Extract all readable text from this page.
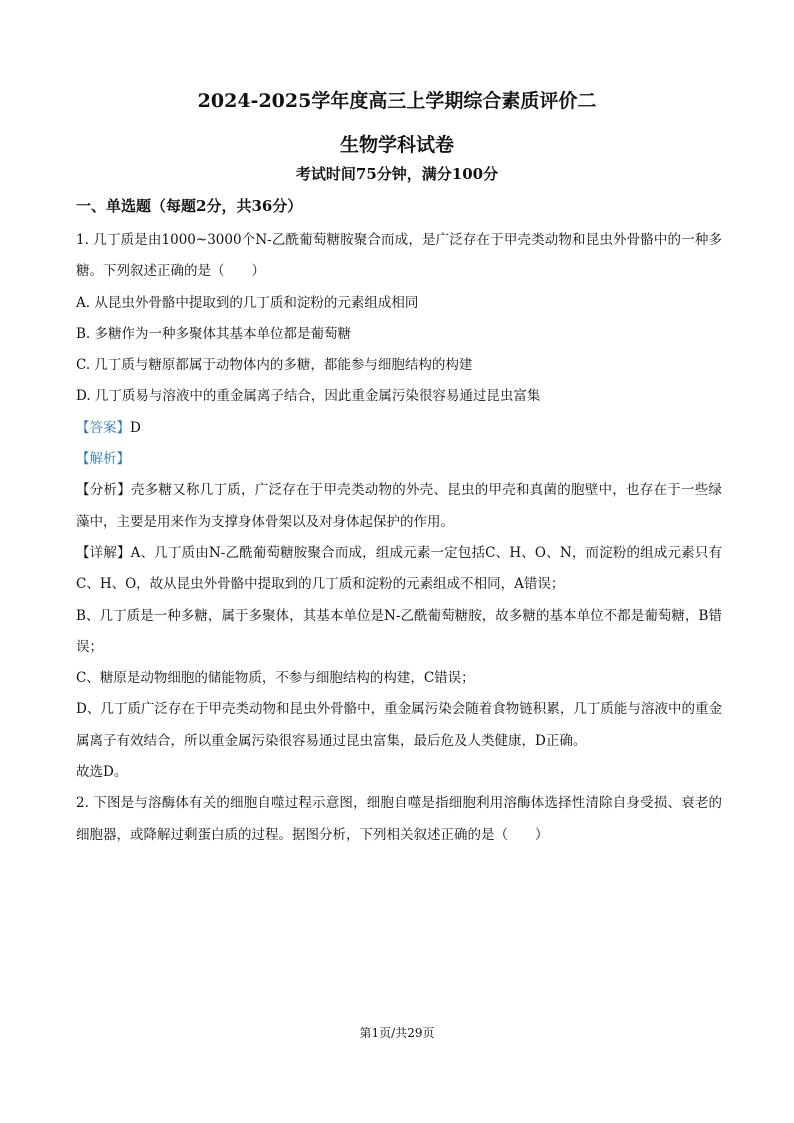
2024-2025学年度高三上学期综合素质评价二
生物学科试卷
考试时间75分钟，满分100分
一、单选题（每题2分，共36分）

1. 几丁质是由1000~3000个N-乙酰葡萄糖胺聚合而成，是广泛存在于甲壳类动物和昆虫外骨骼中的一种多糖。下列叙述正确的是（　　）

A. 从昆虫外骨骼中提取到的几丁质和淀粉的元素组成相同

B. 多糖作为一种多聚体其基本单位都是葡萄糖

C. 几丁质与糖原都属于动物体内的多糖，都能参与细胞结构的构建

D. 几丁质易与溶液中的重金属离子结合，因此重金属污染很容易通过昆虫富集

【答案】D

【解析】

【分析】壳多糖又称几丁质，广泛存在于甲壳类动物的外壳、昆虫的甲壳和真菌的胞壁中，也存在于一些绿藻中，主要是用来作为支撑身体骨架以及对身体起保护的作用。

【详解】A、几丁质由N-乙酰葡萄糖胺聚合而成，组成元素一定包括C、H、O、N，而淀粉的组成元素只有C、H、O，故从昆虫外骨骼中提取到的几丁质和淀粉的元素组成不相同，A错误；

B、几丁质是一种多糖，属于多聚体，其基本单位是N-乙酰葡萄糖胺，故多糖的基本单位不都是葡萄糖，B错误；

C、糖原是动物细胞的储能物质，不参与细胞结构的构建，C错误；

D、几丁质广泛存在于甲壳类动物和昆虫外骨骼中，重金属污染会随着食物链积累，几丁质能与溶液中的重金属离子有效结合，所以重金属污染很容易通过昆虫富集，最后危及人类健康，D正确。

故选D。

2. 下图是与溶酶体有关的细胞自噬过程示意图，细胞自噬是指细胞利用溶酶体选择性清除自身受损、衰老的细胞器，或降解过剩蛋白质的过程。据图分析，下列相关叙述正确的是（　　）

第1页/共29页
